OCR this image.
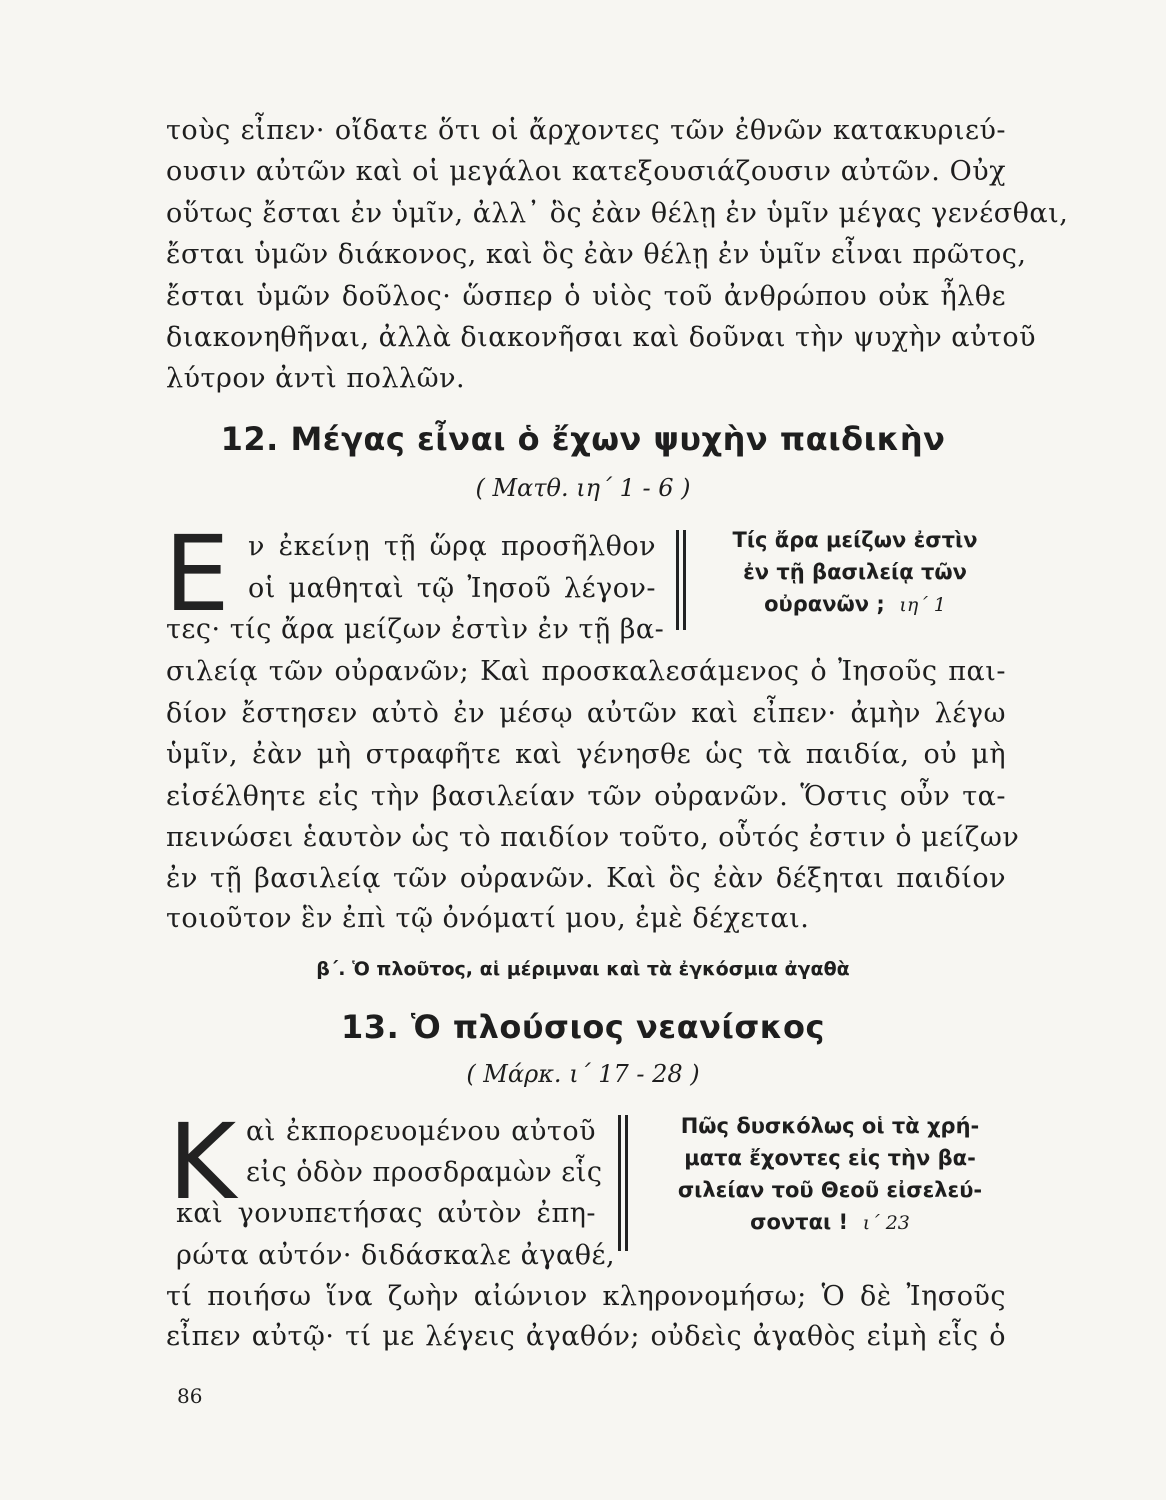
τοὺς εἶπεν· οἴδατε ὅτι οἱ ἄρχοντες τῶν ἐθνῶν κατακυριεύ-
ουσιν αὐτῶν καὶ οἱ μεγάλοι κατεξουσιάζουσιν αὐτῶν. Οὐχ
οὕτως ἔσται ἐν ὑμῖν, ἀλλ᾿ ὃς ἐὰν θέλῃ ἐν ὑμῖν μέγας γενέσθαι,
ἔσται ὑμῶν διάκονος, καὶ ὃς ἐὰν θέλῃ ἐν ὑμῖν εἶναι πρῶτος,
ἔσται ὑμῶν δοῦλος· ὥσπερ ὁ υἱὸς τοῦ ἀνθρώπου οὐκ ἦλθε
διακονηθῆναι, ἀλλὰ διακονῆσαι καὶ δοῦναι τὴν ψυχὴν αὐτοῦ
λύτρον ἀντὶ πολλῶν.
12. Μέγας εἶναι ὁ ἔχων ψυχὴν παιδικὴν
( Ματθ. ιη΄ 1 - 6 )
Ε ν ἐκείνῃ τῇ ὥρᾳ προσῆλθον
οἱ μαθηταὶ τῷ Ἰησοῦ λέγον-
τες· τίς ἄρα μείζων ἐστὶν ἐν τῇ βα-
Τίς ἄρα μείζων ἐστὶν
ἐν τῇ βασιλείᾳ τῶν
οὐρανῶν ; ιη΄ 1
σιλείᾳ τῶν οὐρανῶν; Καὶ προσκαλεσάμενος ὁ Ἰησοῦς παι-
δίον ἔστησεν αὐτὸ ἐν μέσῳ αὐτῶν καὶ εἶπεν· ἀμὴν λέγω
ὑμῖν, ἐὰν μὴ στραφῆτε καὶ γένησθε ὡς τὰ παιδία, οὐ μὴ
εἰσέλθητε εἰς τὴν βασιλείαν τῶν οὐρανῶν. Ὅστις οὖν τα-
πεινώσει ἑαυτὸν ὡς τὸ παιδίον τοῦτο, οὗτός ἐστιν ὁ μείζων
ἐν τῇ βασιλείᾳ τῶν οὐρανῶν. Καὶ ὃς ἐὰν δέξηται παιδίον
τοιοῦτον ἓν ἐπὶ τῷ ὀνόματί μου, ἐμὲ δέχεται.
β΄. Ὁ πλοῦτος, αἱ μέριμναι καὶ τὰ ἐγκόσμια ἀγαθὰ
13. Ὁ πλούσιος νεανίσκος
( Μάρκ. ι΄ 17 - 28 )
Κ αὶ ἐκπορευομένου αὐτοῦ
εἰς ὁδὸν προσδραμὼν εἷς
καὶ γονυπετήσας αὐτὸν ἐπη-
ρώτα αὐτόν· διδάσκαλε ἀγαθέ,
Πῶς δυσκόλως οἱ τὰ χρή-
ματα ἔχοντες εἰς τὴν βα-
σιλείαν τοῦ Θεοῦ εἰσελεύ-
σονται ! ι΄ 23
τί ποιήσω ἵνα ζωὴν αἰώνιον κληρονομήσω; Ὁ δὲ Ἰησοῦς
εἶπεν αὐτῷ· τί με λέγεις ἀγαθόν; οὐδεὶς ἀγαθὸς εἰμὴ εἷς ὁ
86
